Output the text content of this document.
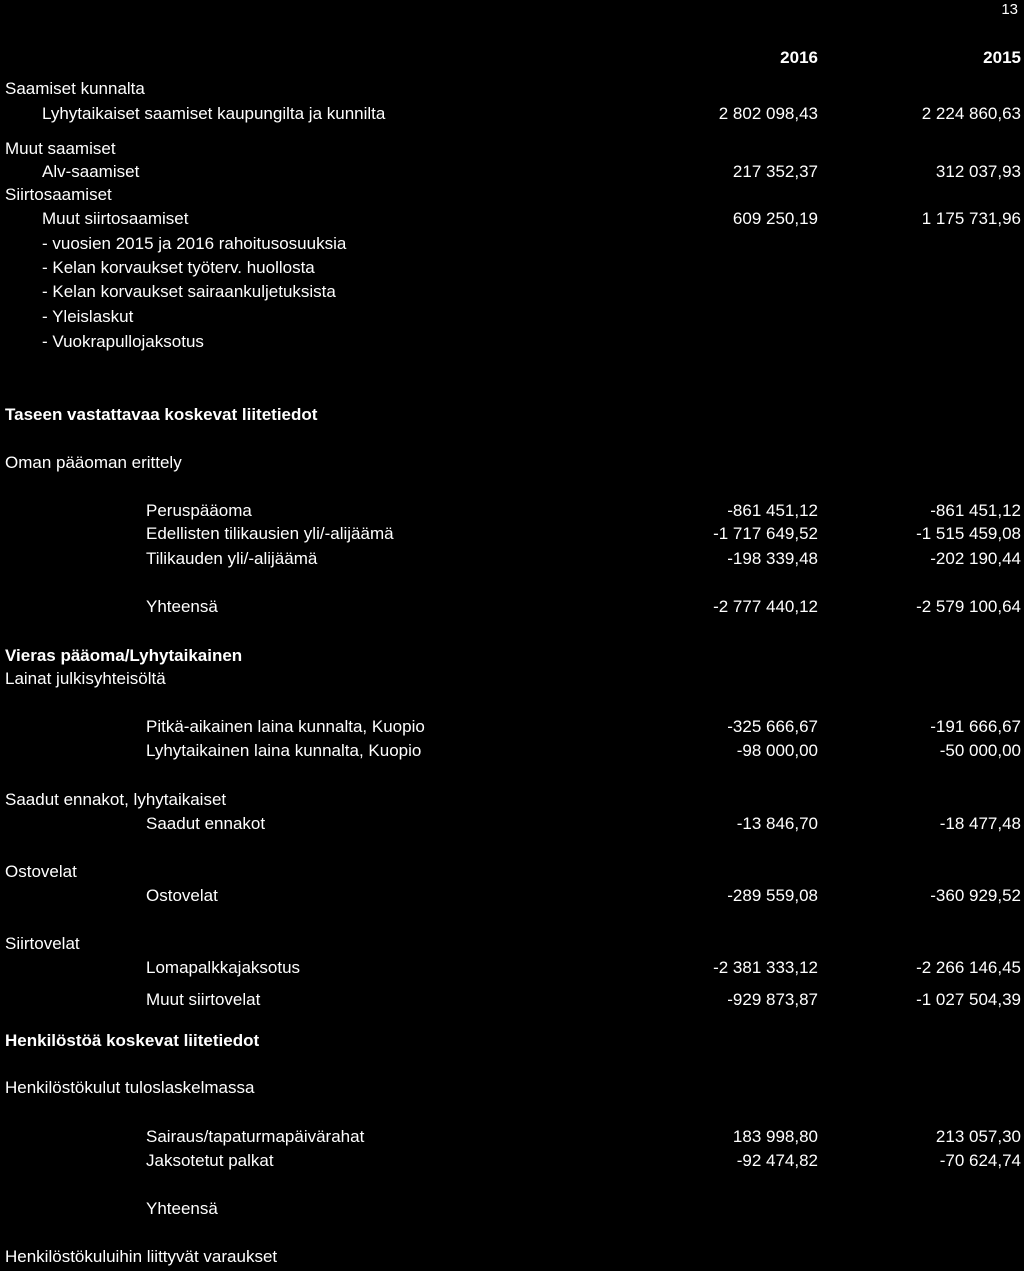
13
2016	2015
Saamiset kunnalta
Lyhytaikaiset saamiset kaupungilta ja kunnilta	2 802 098,43	2 224 860,63
Muut saamiset
Alv-saamiset	217 352,37	312 037,93
Siirtosaamiset
Muut siirtosaamiset	609 250,19	1 175 731,96
- vuosien 2015 ja 2016 rahoitusosuuksia
- Kelan korvaukset työterv. huollosta
- Kelan korvaukset sairaankuljetuksista
- Yleislaskut
- Vuokrapullojaksotus
Taseen vastattavaa koskevat liitetiedot
Oman pääoman erittely
Peruspääoma	-861 451,12	-861 451,12
Edellisten tilikausien yli/-alijäämä	-1 717 649,52	-1 515 459,08
Tilikauden yli/-alijäämä	-198 339,48	-202 190,44
Yhteensä	-2 777 440,12	-2 579 100,64
Vieras pääoma/Lyhytaikainen
Lainat julkisyhteisöltä
Pitkä-aikainen laina kunnalta, Kuopio	-325 666,67	-191 666,67
Lyhytaikainen laina kunnalta, Kuopio	-98 000,00	-50 000,00
Saadut ennakot, lyhytaikaiset
Saadut ennakot	-13 846,70	-18 477,48
Ostovelat
Ostovelat	-289 559,08	-360 929,52
Siirtovelat
Lomapalkkajaksotus	-2 381 333,12	-2 266 146,45
Muut siirtovelat	-929 873,87	-1 027 504,39
Henkilöstöä koskevat liitetiedot
Henkilöstökulut tuloslaskelmassa
Sairaus/tapaturmapäivärahat	183 998,80	213 057,30
Jaksotetut palkat	-92 474,82	-70 624,74
Yhteensä
Henkilöstökuluihin liittyvät varaukset
